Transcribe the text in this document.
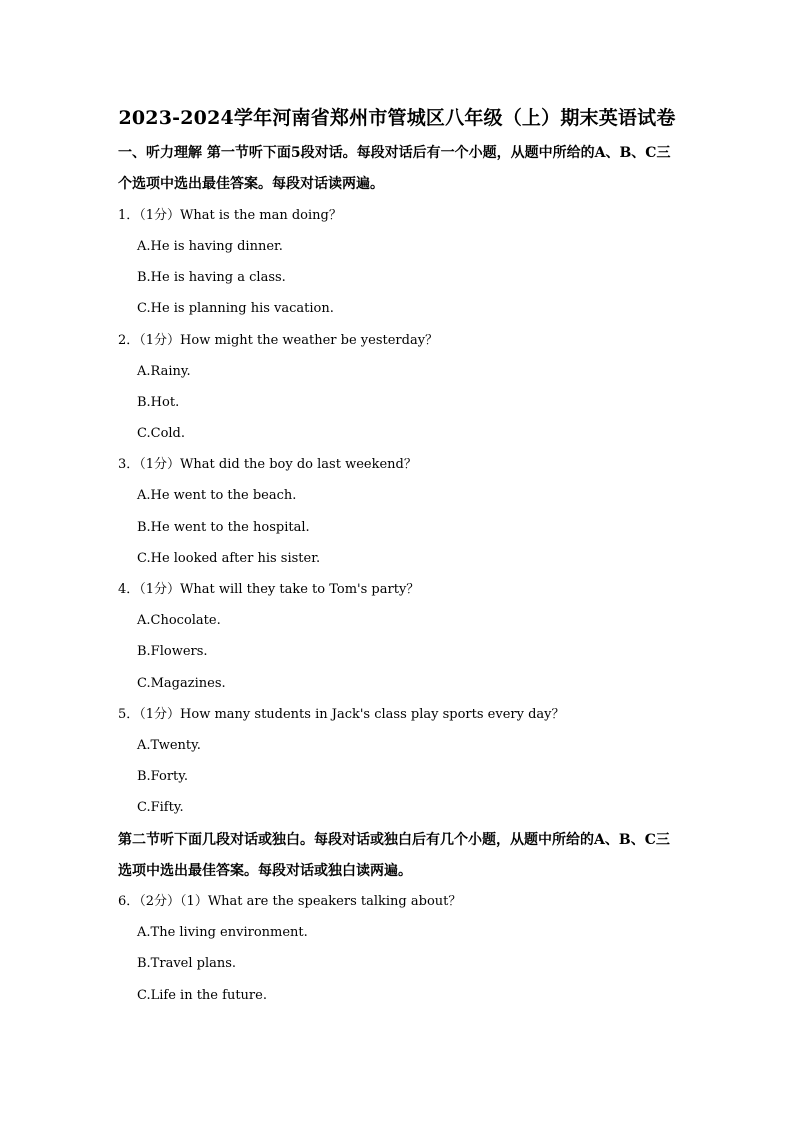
2023-2024学年河南省郑州市管城区八年级（上）期末英语试卷
一、听力理解 第一节听下面5段对话。每段对话后有一个小题，从题中所给的A、B、C三个选项中选出最佳答案。每段对话读两遍。
1．（1分）What is the man doing？
A.He is having dinner.
B.He is having a class.
C.He is planning his vacation.
2．（1分）How might the weather be yesterday？
A.Rainy.
B.Hot.
C.Cold.
3．（1分）What did the boy do last weekend？
A.He went to the beach.
B.He went to the hospital.
C.He looked after his sister.
4．（1分）What will they take to Tom's party？
A.Chocolate.
B.Flowers.
C.Magazines.
5．（1分）How many students in Jack's class play sports every day？
A.Twenty.
B.Forty.
C.Fifty.
第二节听下面几段对话或独白。每段对话或独白后有几个小题，从题中所给的A、B、C三选项中选出最佳答案。每段对话或独白读两遍。
6．（2分）（1）What are the speakers talking about？
A.The living environment.
B.Travel plans.
C.Life in the future.
